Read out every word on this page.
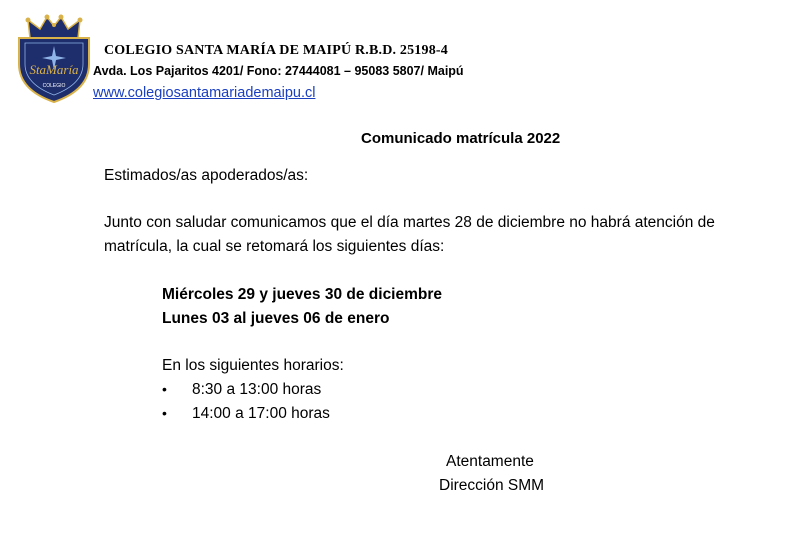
StaMaría
COLEGIO
COLEGIO SANTA MARÍA DE MAIPÚ R.B.D. 25198-4
Avda. Los Pajaritos 4201/ Fono: 27444081 – 95083 5807/ Maipú
www.colegiosantamariademaipu.cl
Comunicado matrícula 2022
Estimados/as apoderados/as:
Junto con saludar comunicamos que el día martes 28 de diciembre no habrá atención de
matrícula, la cual se retomará los siguientes días:
Miércoles 29 y jueves 30 de diciembre
Lunes 03 al jueves 06 de enero
En los siguientes horarios:
• 8:30 a 13:00 horas
• 14:00 a 17:00 horas
Atentamente
Dirección SMM
